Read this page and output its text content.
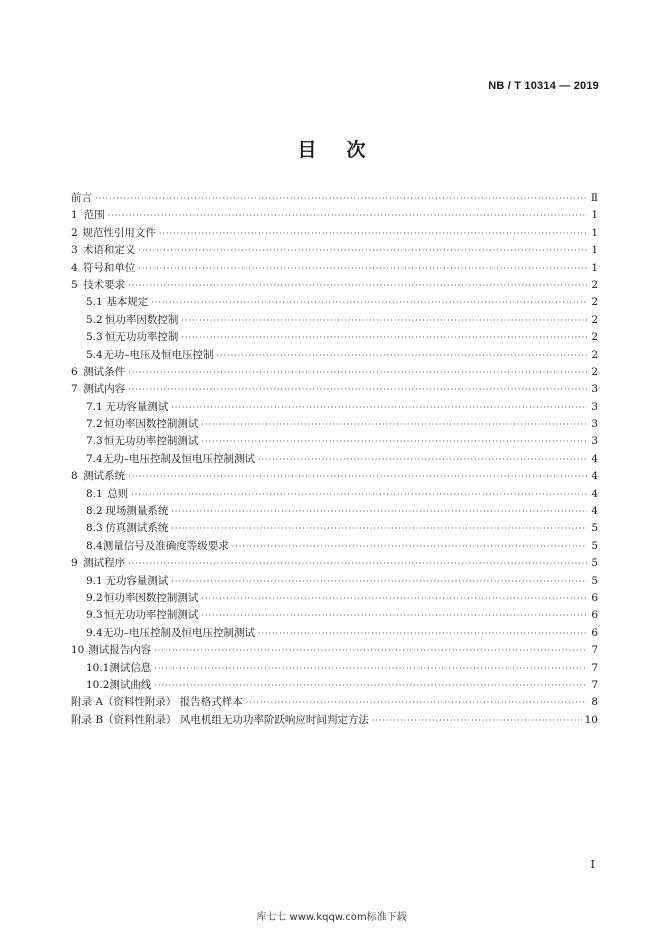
NB / T 10314 — 2019
目次
前言 ·····	Ⅱ
1 范围 ·····	1
2 规范性引用文件 ·····	1
3 术语和定义 ·····	1
4 符号和单位 ·····	1
5 技术要求 ·····	2
5.1 基本规定 ·····	2
5.2 恒功率因数控制 ·····	2
5.3 恒无功功率控制 ·····	2
5.4 无功–电压及恒电压控制 ·····	2
6 测试条件 ·····	2
7 测试内容 ·····	3
7.1 无功容量测试 ·····	3
7.2 恒功率因数控制测试 ·····	3
7.3 恒无功功率控制测试 ·····	3
7.4 无功–电压控制及恒电压控制测试 ·····	4
8 测试系统 ·····	4
8.1 总则 ·····	4
8.2 现场测量系统 ·····	4
8.3 仿真测试系统 ·····	5
8.4 测量信号及准确度等级要求 ·····	5
9 测试程序 ·····	5
9.1 无功容量测试 ·····	5
9.2 恒功率因数控制测试 ·····	6
9.3 恒无功功率控制测试 ·····	6
9.4 无功–电压控制及恒电压控制测试 ·····	6
10 测试报告内容 ·····	7
10.1 测试信息 ·····	7
10.2 测试曲线 ·····	7
附录 A（资料性附录） 报告格式样本 ·····	8
附录 B（资料性附录） 风电机组无功功率阶跃响应时间判定方法 ·····	10
I
库七七 www.kqqw.com标准下载
